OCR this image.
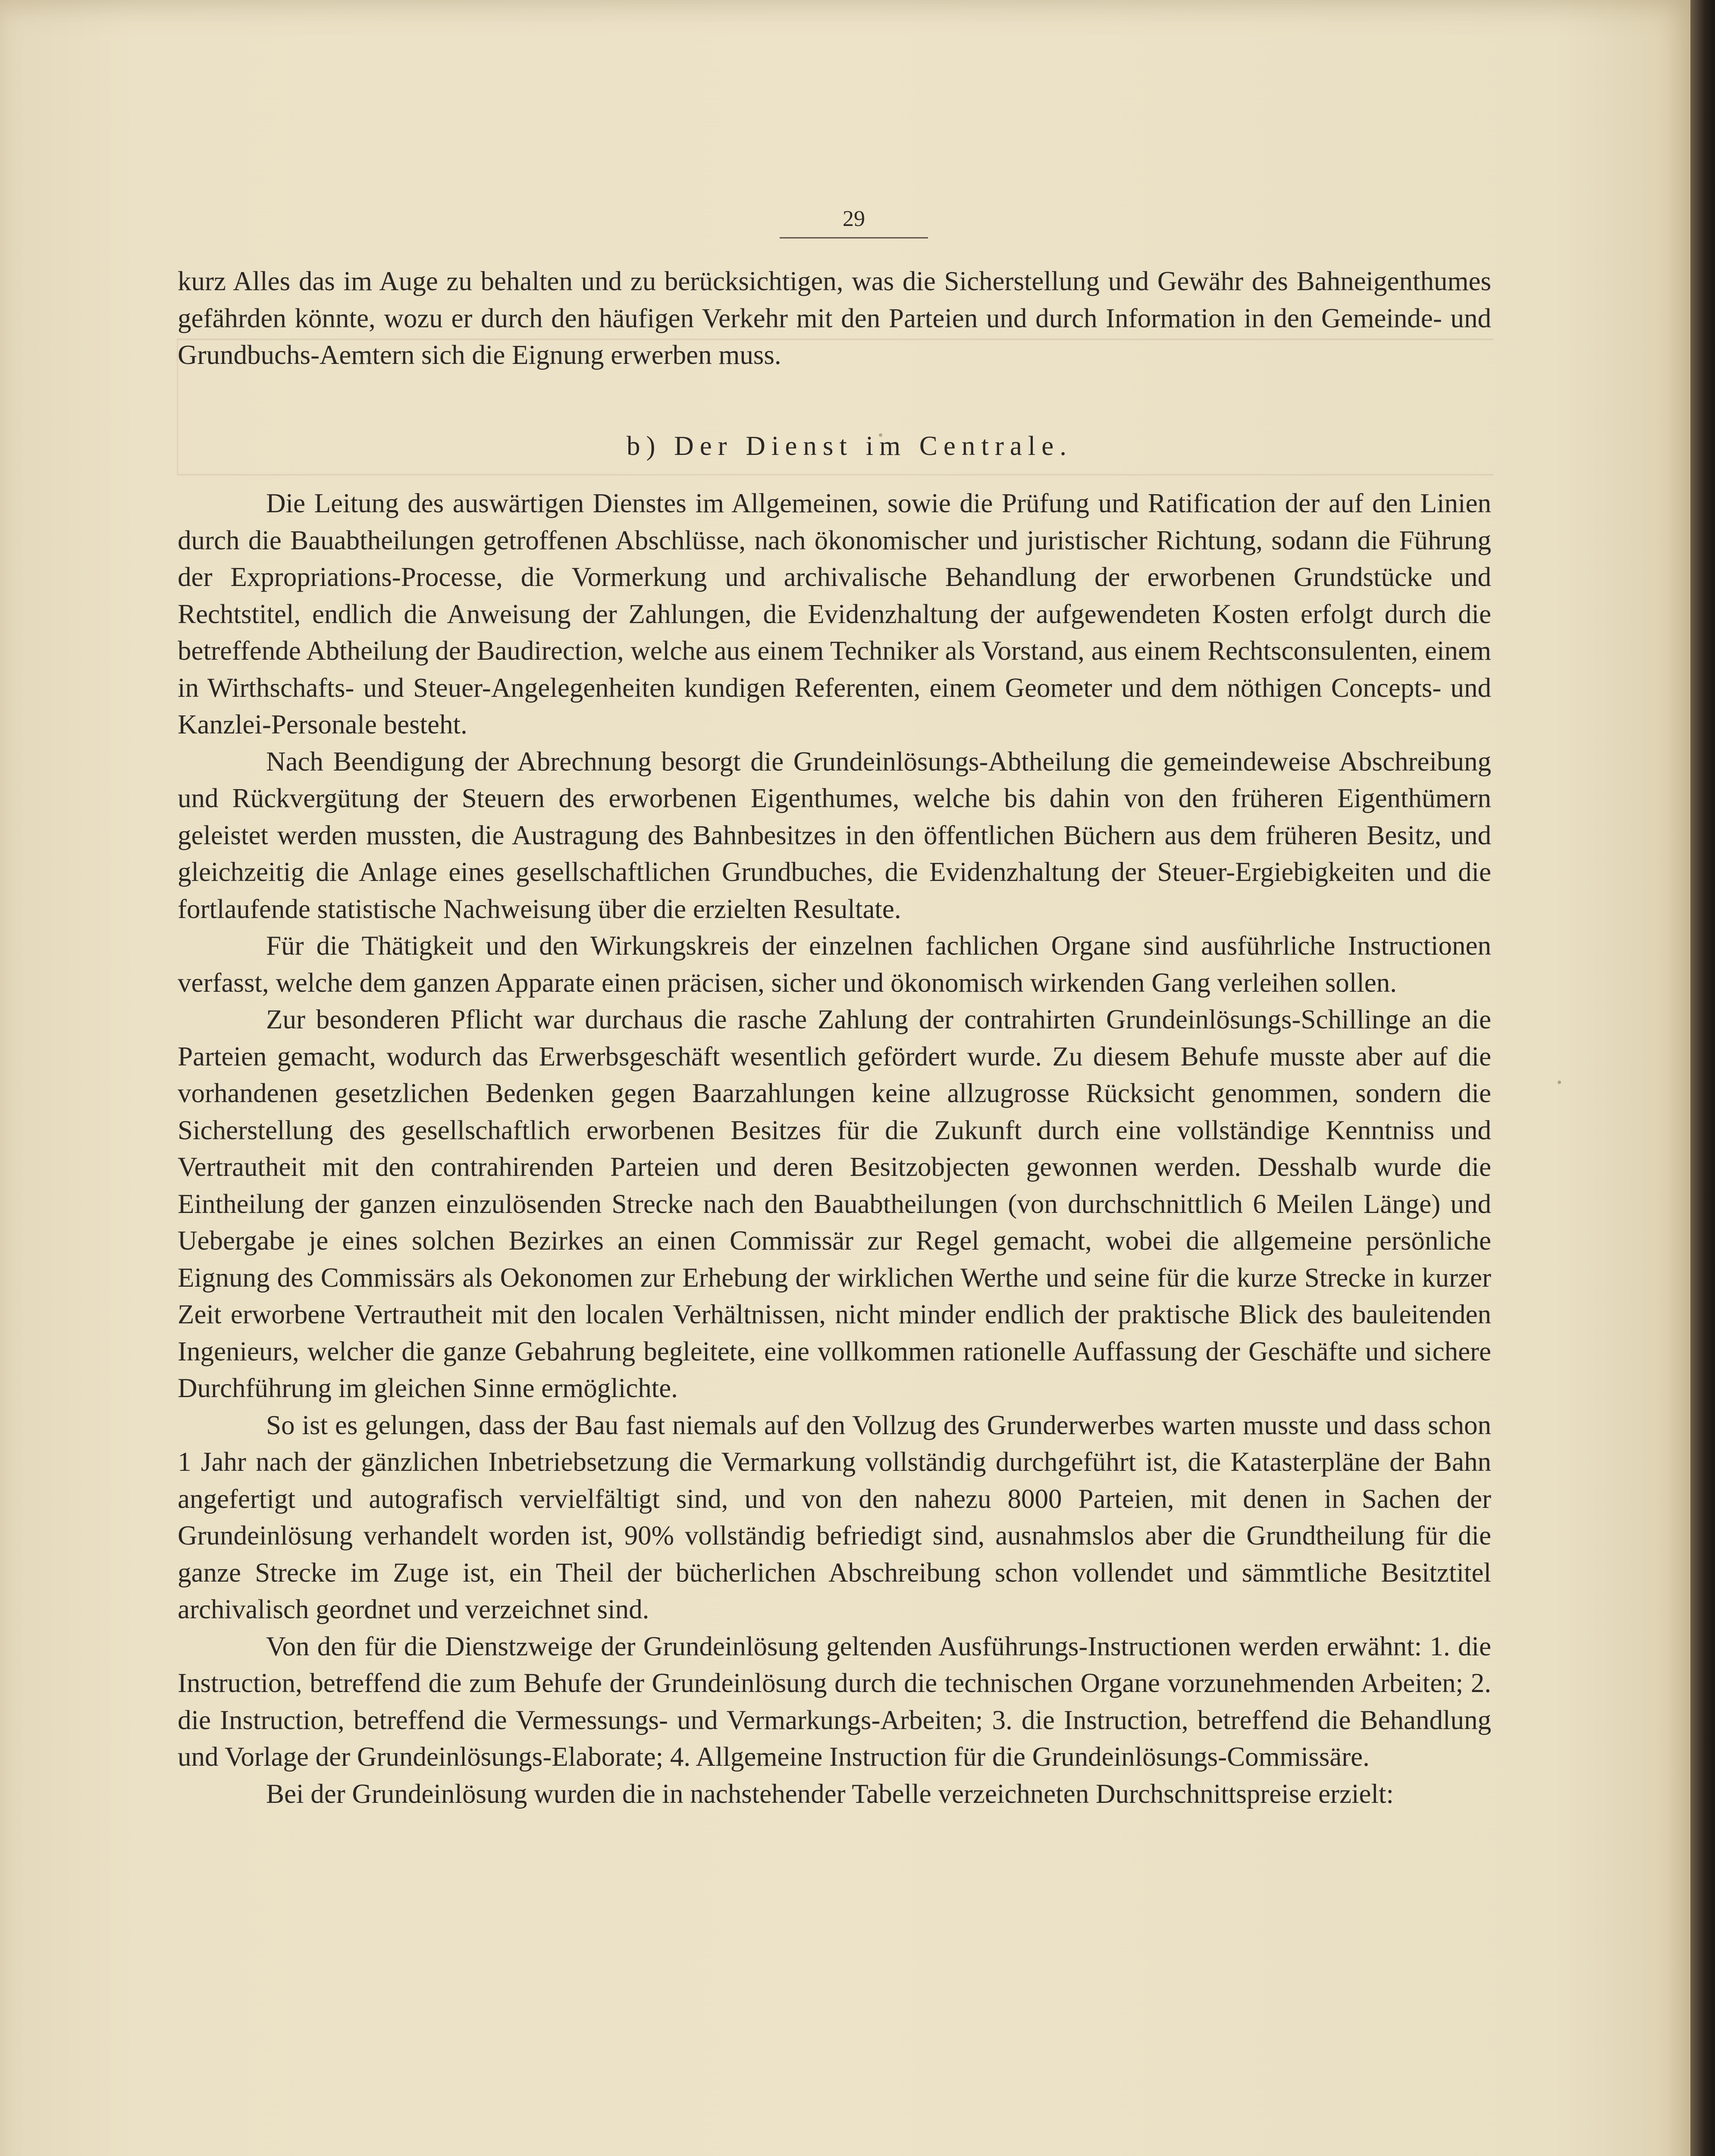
29

kurz Alles das im Auge zu behalten und zu berücksichtigen, was die Sicherstellung und Gewähr des Bahneigenthumes gefährden könnte, wozu er durch den häufigen Verkehr mit den Parteien und durch Information in den Gemeinde- und Grundbuchs-Aemtern sich die Eignung erwerben muss.

b) Der Dienst im Centrale.

Die Leitung des auswärtigen Dienstes im Allgemeinen, sowie die Prüfung und Ratification der auf den Linien durch die Bauabtheilungen getroffenen Abschlüsse, nach ökonomischer und juristischer Richtung, sodann die Führung der Expropriations-Processe, die Vormerkung und archivalische Behandlung der erworbenen Grundstücke und Rechtstitel, endlich die Anweisung der Zahlungen, die Evidenzhaltung der aufgewendeten Kosten erfolgt durch die betreffende Abtheilung der Baudirection, welche aus einem Techniker als Vorstand, aus einem Rechtsconsulenten, einem in Wirthschafts- und Steuer-Angelegenheiten kundigen Referenten, einem Geometer und dem nöthigen Concepts- und Kanzlei-Personale besteht.

Nach Beendigung der Abrechnung besorgt die Grundeinlösungs-Abtheilung die gemeindeweise Abschreibung und Rückvergütung der Steuern des erworbenen Eigenthumes, welche bis dahin von den früheren Eigenthümern geleistet werden mussten, die Austragung des Bahnbesitzes in den öffentlichen Büchern aus dem früheren Besitz, und gleichzeitig die Anlage eines gesellschaftlichen Grundbuches, die Evidenzhaltung der Steuer-Ergiebigkeiten und die fortlaufende statistische Nachweisung über die erzielten Resultate.

Für die Thätigkeit und den Wirkungskreis der einzelnen fachlichen Organe sind ausführliche Instructionen verfasst, welche dem ganzen Apparate einen präcisen, sicher und ökonomisch wirkenden Gang verleihen sollen.

Zur besonderen Pflicht war durchaus die rasche Zahlung der contrahirten Grundeinlösungs-Schillinge an die Parteien gemacht, wodurch das Erwerbsgeschäft wesentlich gefördert wurde. Zu diesem Behufe musste aber auf die vorhandenen gesetzlichen Bedenken gegen Baarzahlungen keine allzugrosse Rücksicht genommen, sondern die Sicherstellung des gesellschaftlich erworbenen Besitzes für die Zukunft durch eine vollständige Kenntniss und Vertrautheit mit den contrahirenden Parteien und deren Besitzobjecten gewonnen werden. Desshalb wurde die Eintheilung der ganzen einzulösenden Strecke nach den Bauabtheilungen (von durchschnittlich 6 Meilen Länge) und Uebergabe je eines solchen Bezirkes an einen Commissär zur Regel gemacht, wobei die allgemeine persönliche Eignung des Commissärs als Oekonomen zur Erhebung der wirklichen Werthe und seine für die kurze Strecke in kurzer Zeit erworbene Vertrautheit mit den localen Verhältnissen, nicht minder endlich der praktische Blick des bauleitenden Ingenieurs, welcher die ganze Gebahrung begleitete, eine vollkommen rationelle Auffassung der Geschäfte und sichere Durchführung im gleichen Sinne ermöglichte.

So ist es gelungen, dass der Bau fast niemals auf den Vollzug des Grunderwerbes warten musste und dass schon 1 Jahr nach der gänzlichen Inbetriebsetzung die Vermarkung vollständig durchgeführt ist, die Katasterpläne der Bahn angefertigt und autografisch vervielfältigt sind, und von den nahezu 8000 Parteien, mit denen in Sachen der Grundeinlösung verhandelt worden ist, 90% vollständig befriedigt sind, ausnahmslos aber die Grundtheilung für die ganze Strecke im Zuge ist, ein Theil der bücherlichen Abschreibung schon vollendet und sämmtliche Besitztitel archivalisch geordnet und verzeichnet sind.

Von den für die Dienstzweige der Grundeinlösung geltenden Ausführungs-Instructionen werden erwähnt: 1. die Instruction, betreffend die zum Behufe der Grundeinlösung durch die technischen Organe vorzunehmenden Arbeiten; 2. die Instruction, betreffend die Vermessungs- und Vermarkungs-Arbeiten; 3. die Instruction, betreffend die Behandlung und Vorlage der Grundeinlösungs-Elaborate; 4. Allgemeine Instruction für die Grundeinlösungs-Commissäre.

Bei der Grundeinlösung wurden die in nachstehender Tabelle verzeichneten Durchschnittspreise erzielt:
